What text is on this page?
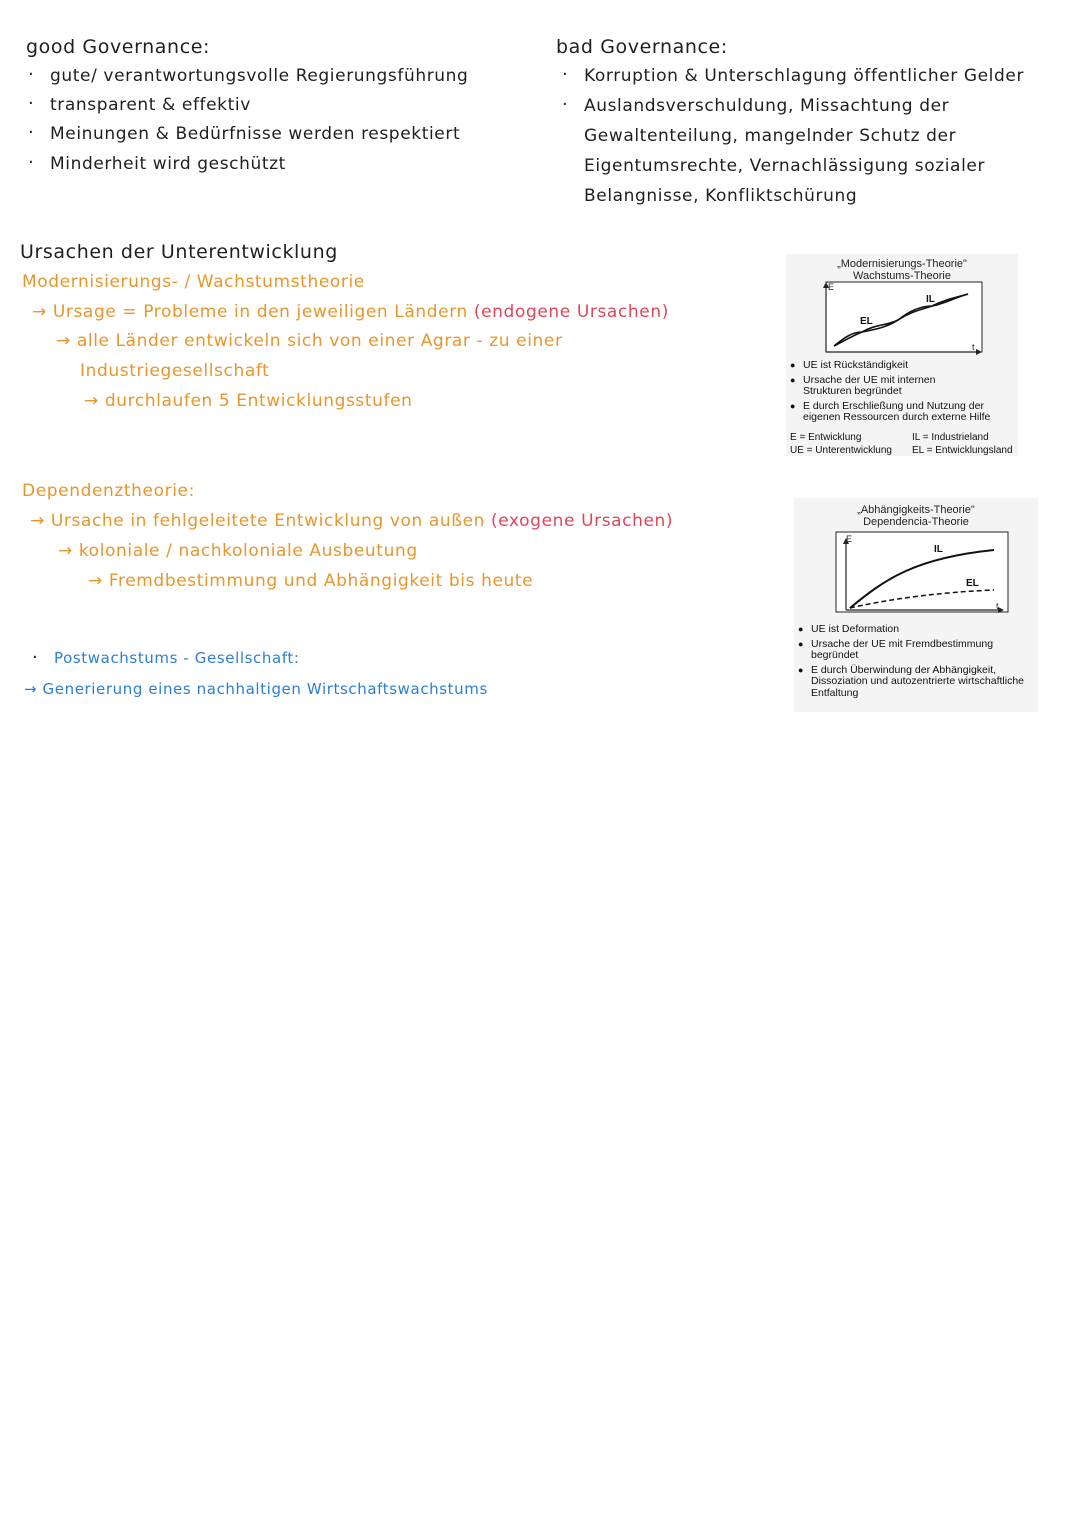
good Governance:
· gute/ verantwortungsvolle Regierungsführung
· transparent & effektiv
· Meinungen & Bedürfnisse werden respektiert
· Minderheit wird geschützt
bad Governance:
· Korruption & Unterschlagung öffentlicher Gelder
· Auslandsverschuldung, Missachtung der
Gewaltenteilung, mangelnder Schutz der
Eigentumsrechte, Vernachlässigung sozialer
Belangnisse, Konfliktschürung
Ursachen der Unterentwicklung
Modernisierungs- / Wachstumstheorie
→ Ursage = Probleme in den jeweiligen Ländern (endogene Ursachen)
→ alle Länder entwickeln sich von einer Agrar - zu einer
Industriegesellschaft
→ durchlaufen 5 Entwicklungsstufen
Dependenztheorie:
→ Ursache in fehlgeleitete Entwicklung von außen (exogene Ursachen)
→ koloniale / nachkoloniale Ausbeutung
→ Fremdbestimmung und Abhängigkeit bis heute
· Postwachstums - Gesellschaft:
→ Generierung eines nachhaltigen Wirtschaftswachstums
„Modernisierungs-Theorie"
Wachstums-Theorie
E
t
IL
EL
● UE ist Rückständigkeit
● Ursache der UE mit internen
Strukturen begründet
● E durch Erschließung und Nutzung der
eigenen Ressourcen durch externe Hilfe
E = Entwicklung	IL = Industrieland
UE = Unterentwicklung EL = Entwicklungsland
„Abhängigkeits-Theorie"
Dependencia-Theorie
E
t
IL
EL
● UE ist Deformation
● Ursache der UE mit Fremdbestimmung
begründet
● E durch Überwindung der Abhängigkeit,
Dissoziation und autozentrierte wirtschaftliche
Entfaltung
